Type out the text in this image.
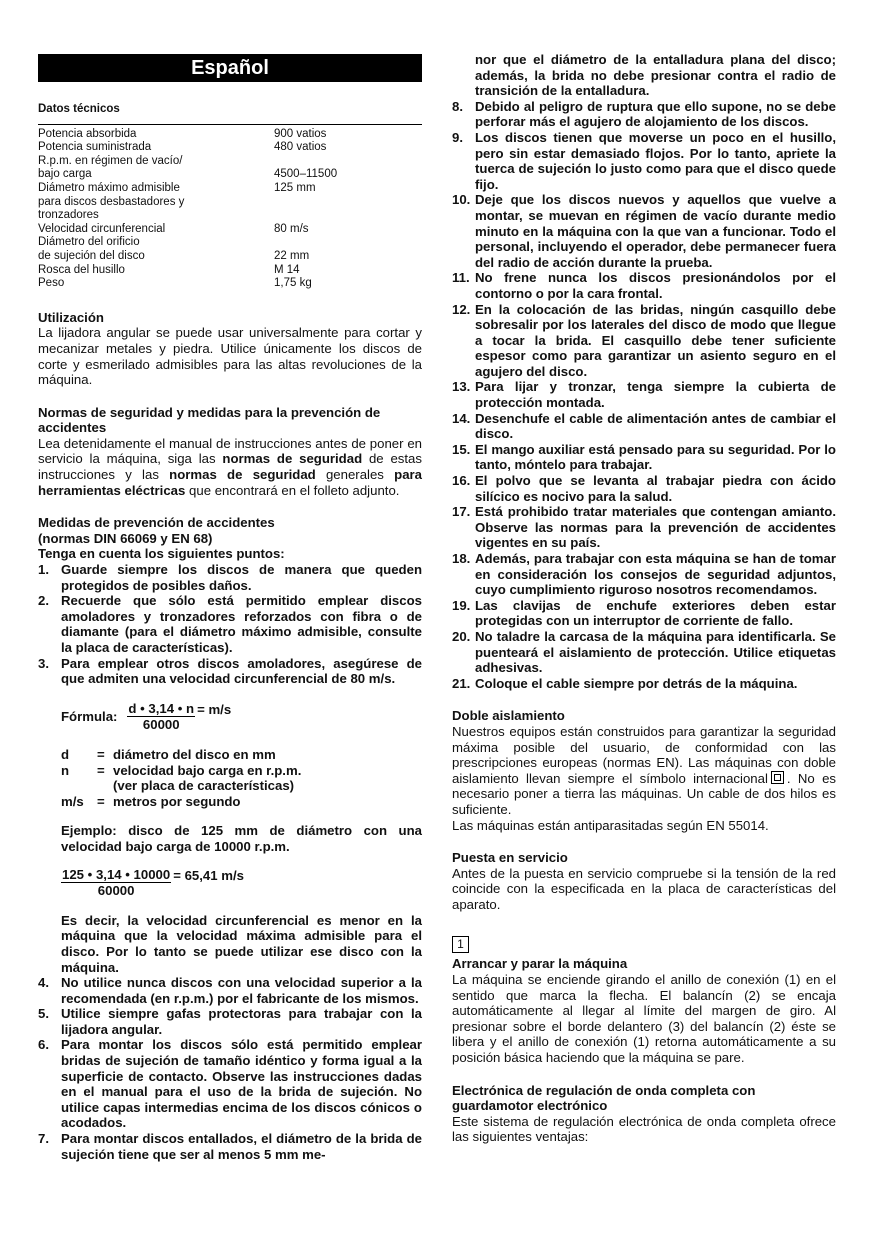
Español
Datos técnicos
Potencia absorbida	900 vatios
Potencia suministrada	480 vatios
R.p.m. en régimen de vacío/	
bajo carga	4500–11500
Diámetro máximo admisible	125 mm
para discos desbastadores y	
tronzadores	
Velocidad circunferencial	80 m/s
Diámetro del orificio	
de sujeción del disco	22 mm
Rosca del husillo	M 14
Peso	1,75 kg
Utilización

La lijadora angular se puede usar universalmente para cortar y mecanizar metales y piedra. Utilice únicamente los discos de corte y esmerilado admisibles para las altas revoluciones de la máquina.

Normas de seguridad y medidas para la prevención de accidentes

Lea detenidamente el manual de instrucciones antes de poner en servicio la máquina, siga las normas de seguridad de estas instrucciones y las normas de seguridad generales para herramientas eléctricas que encontrará en el folleto adjunto.

Medidas de prevención de accidentes
(normas DIN 66069 y EN 68)
Tenga en cuenta los siguientes puntos:
1. Guarde siempre los discos de manera que queden protegidos de posibles daños.
2. Recuerde que sólo está permitido emplear discos amoladores y tronzadores reforzados con fibra o de diamante (para el diámetro máximo admisible, consulte la placa de características).
3. Para emplear otros discos amoladores, asegúrese de que admiten una velocidad circunferencial de 80 m/s.
Fórmula: $\frac{d • 3,14 • n}{60000} = m/s$
d	= diámetro del disco en mm
n	= velocidad bajo carga en r.p.m.
(ver placa de características)
m/s	= metros por segundo

Ejemplo: disco de 125 mm de diámetro con una velocidad bajo carga de 10000 r.p.m.

$\frac{125 • 3,14 • 10000}{60000} = 65,41$ m/s

Es decir, la velocidad circunferencial es menor en la máquina que la velocidad máxima admisible para el disco. Por lo tanto se puede utilizar ese disco con la máquina.

4. No utilice nunca discos con una velocidad superior a la recomendada (en r.p.m.) por el fabricante de los mismos.
5. Utilice siempre gafas protectoras para trabajar con la lijadora angular.
6. Para montar los discos sólo está permitido emplear bridas de sujeción de tamaño idéntico y forma igual a la superficie de contacto. Observe las instrucciones dadas en el manual para el uso de la brida de sujeción. No utilice capas intermedias encima de los discos cónicos o acodados.
7. Para montar discos entallados, el diámetro de la brida de sujeción tiene que ser al menos 5 mm me-
nor que el diámetro de la entalladura plana del disco; además, la brida no debe presionar contra el radio de transición de la entalladura.
8. Debido al peligro de ruptura que ello supone, no se debe perforar más el agujero de alojamiento de los discos.
9. Los discos tienen que moverse un poco en el husillo, pero sin estar demasiado flojos. Por lo tanto, apriete la tuerca de sujeción lo justo como para que el disco quede fijo.
10. Deje que los discos nuevos y aquellos que vuelve a montar, se muevan en régimen de vacío durante medio minuto en la máquina con la que van a funcionar. Todo el personal, incluyendo el operador, debe permanecer fuera del radio de acción durante la prueba.
11. No frene nunca los discos presionándolos por el contorno o por la cara frontal.
12. En la colocación de las bridas, ningún casquillo debe sobresalir por los laterales del disco de modo que llegue a tocar la brida. El casquillo debe tener suficiente espesor como para garantizar un asiento seguro en el agujero del disco.
13. Para lijar y tronzar, tenga siempre la cubierta de protección montada.
14. Desenchufe el cable de alimentación antes de cambiar el disco.
15. El mango auxiliar está pensado para su seguridad. Por lo tanto, móntelo para trabajar.
16. El polvo que se levanta al trabajar piedra con ácido silícico es nocivo para la salud.
17. Está prohibido tratar materiales que contengan amianto. Observe las normas para la prevención de accidentes vigentes en su país.
18. Además, para trabajar con esta máquina se han de tomar en consideración los consejos de seguridad adjuntos, cuyo cumplimiento riguroso nosotros recomendamos.
19. Las clavijas de enchufe exteriores deben estar protegidas con un interruptor de corriente de fallo.
20. No taladre la carcasa de la máquina para identificarla. Se puenteará el aislamiento de protección. Utilice etiquetas adhesivas.
21. Coloque el cable siempre por detrás de la máquina.
Doble aislamiento

Nuestros equipos están construidos para garantizar la seguridad máxima posible del usuario, de conformidad con las prescripciones europeas (normas EN). Las máquinas con doble aislamiento llevan siempre el símbolo internacional . No es necesario poner a tierra las máquinas. Un cable de dos hilos es suficiente.

Las máquinas están antiparasitadas según EN 55014.

Puesta en servicio

Antes de la puesta en servicio compruebe si la tensión de la red coincide con la especificada en la placa de características del aparato.

1
Arrancar y parar la máquina

La máquina se enciende girando el anillo de conexión (1) en el sentido que marca la flecha. El balancín (2) se encaja automáticamente al llegar al límite del margen de giro. Al presionar sobre el borde delantero (3) del balancín (2) éste se libera y el anillo de conexión (1) retorna automáticamente a su posición básica haciendo que la máquina se pare.

Electrónica de regulación de onda completa con guardamotor electrónico

Este sistema de regulación electrónica de onda completa ofrece las siguientes ventajas:
